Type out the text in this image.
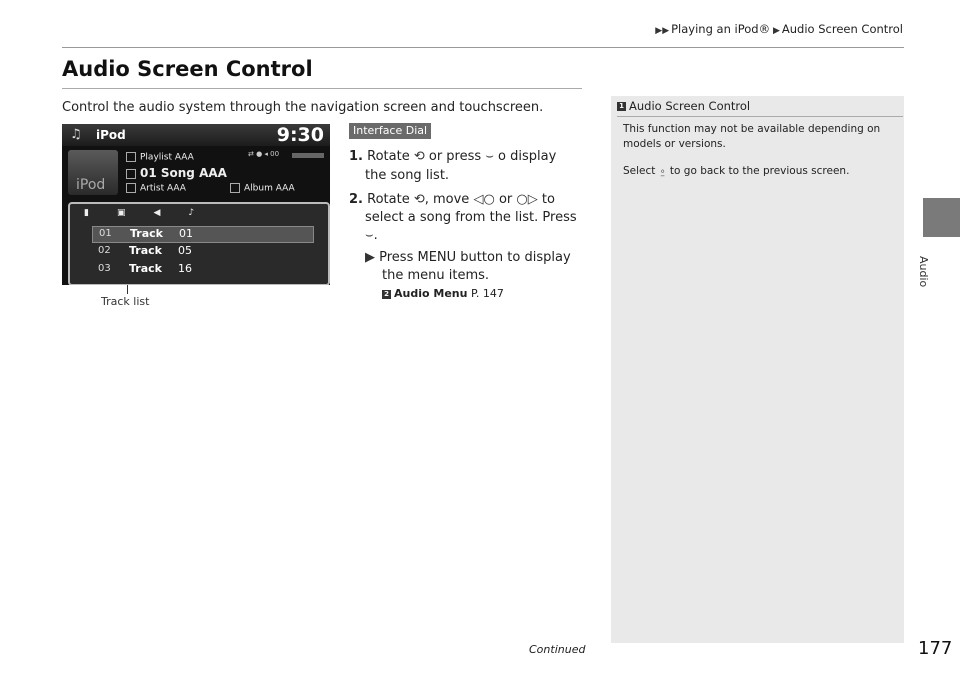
▶▶ Playing an iPod® ▶ Audio Screen Control
Audio
Audio Screen Control
Control the audio system through the navigation screen and touchscreen.
♫ iPod	9:30
iPod
Playlist AAA
01 Song AAA
Artist AAA	Album AAA
⇄ ● ◂ 00
▮	▣	◀	♪
01 Track 01
02 Track 05
03 Track 16
Track list
Interface Dial
1. Rotate ⟲ or press ⌣ o display
the song list.
2. Rotate ⟲, move ◁○ or ○▷ to
select a song from the list. Press
⌣.
▶ Press MENU button to display
the menu items.
2 Audio Menu P. 147
1 Audio Screen Control

This function may not be available depending on models or versions.

Select ⍛ to go back to the previous screen.

Continued	177
